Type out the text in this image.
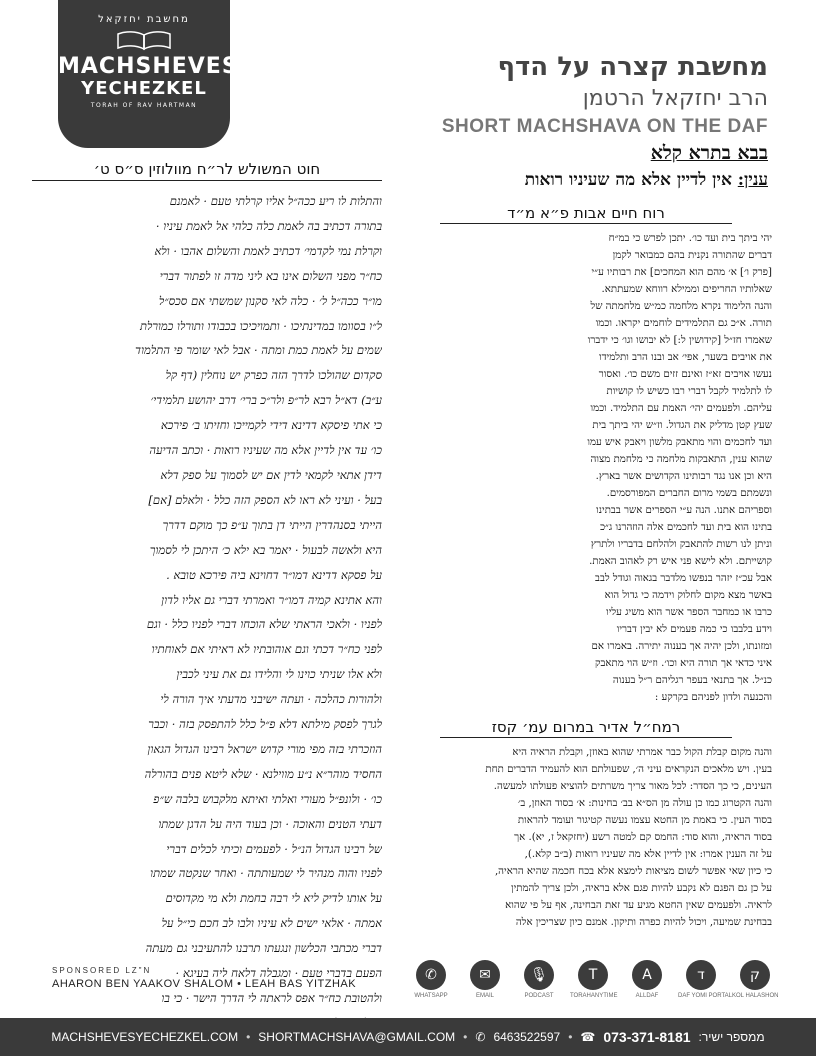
מחשבת יחזקאל
MACHSHEVES
YECHEZKEL
TORAH OF RAV HARTMAN
מחשבת קצרה על הדף
הרב יחזקאל הרטמן
SHORT MACHSHAVA ON THE DAF
בבא בתרא קלא
ענין: אין לדיין אלא מה שעיניו רואות
חוט המשולש לר״ח מוולוזין ס״ס ט׳

והתלות לו ריע ככה״ל אליו קרלתי טעם · לאמנם

בתורה דכתיב בה לאמת כלה כלהי אל לאמת עיניו ·

וקרלת נמי לקדמי׳ דכתיב לאמת והשלום אהבו · ולא

כח״ר מפני השלום אינו בא ליני מדה זו לפתור דברי

מו״ר ככה״ל ל׳ · כלה לאי סקנון שמשתי אם סכס״ל

ל״ו בסוומו במדינתיכו · ותמויכיכו בכבודו ותורלו כמורלת

שמים על לאמת כמת ומתה · אבל לאי שומר פי התלמוד

סקדום שהולכו לדרך הזה כפרק יש נוחלין (דף קל

ע״ב) דא״ל רבא לר״פ ולר״כ ברי׳ דרב יהושע תלמידי׳

כי אתי פיסקא דדינא דידי לקמייכו וחזיתו ב׳ פירכא

כו׳ עד אין לדיין אלא מה שעיניו רואות · וכתב הדיעה

דידן אתאי לקמאי לדין אם יש לסמוך על ספק דלא

בעל · ועיני לא ראו לא הספק הזה כלל · ולאלם [אם]

הייתי בסנהדרין הייתי דן בתוך ע״פ כך מוקם דדרך

היא ולאשה לבעול · יאמר בא ילא כ׳ היתכן לי לסמוך

על פסקא דדינא דמו״ר דחוינא ביה פירכא טובא .

והא אתינא קמיה דמו״ר ואמרתי דברי גם אליו לדון

לפניו · ולאכי הראתי שלא הוכחו דברי לפניו כלל · וגם

לפני כח״ר דכתי וגם אוהובתיו לא ראיתי אם לאוחתיו

ולא אלו שניתי כוינו לי והלידו גם את עיני לכבין

ולהורות כהלכה · ועתה ישיבני מדעתי איך הורה לי

לגרך לפסק מילתא דלא פ״ל כלל להתפסק בזה · וכבר

הוזכרתי בזה מפי מורי קדוש ישראל רבינו הגדול הגאון

החסיד מוהר״א נ״ע מווילנא · שלא ליטא פנים בהורלה

כו׳ · ולונפ״ל מעורי ואלתי ואיתא מלקבוש בלבה ש״פ

דעתי הטנים והאוכה · וכן בעוד היה על הדגן שמתו

של רבינו הגדול הנ״ל · לפעמים וכיתי לכלים דברי

לפניו והוה מנהיר לי שמעותתה · ואחר שנקטה שמתו

על אותו לדיק ליא לי רבה בחמת ולא מי מקדוסים

אמתה · אלאי ישים לא עיניו ולבו לב חכם כי״ל על

דברי מכתבי הכלשון ונגעתו תרבנו להתעיבני גם מעתה

הפעם בדברי טעם · ומגבלה דלאח ליה בעיגא ·

ולהטובת כח״ר אפס לראתה לי הדרך הישר · כי בו

רוח חיים אבות פ״א מ״ד

יהי ביתך בית ועד כו׳. יתכן לפרש כי במ״ח

דברים שהתורה נקנית בהם כמבואר לקמן

[פרק ו׳] א׳ מהם הוא המחכים] את רבותיו ע״י

שאלותיו החריפים וממילא רווחא שמעתתא.

והנה הלימוד נקרא מלחמה כמ״ש מלחמתה של

תורה. א״כ גם התלמידים לוחמים יקראו. וכמו

שאמרו חז״ל [קידושין ל:] לא יבושו וגו׳ כי ידברו

את אויבים בשער, אפי׳ אב ובנו הרב ותלמידו

נעשו אויבים זא״ז ואינם זזים משם כו׳. ואסור

לו לתלמיד לקבל דברי רבו כשיש לו קושיות

עליהם. ולפעמים יהי׳ האמת עם התלמיד. וכמו

שעץ קטן מדליק את הגדול. וז״ש יהי ביתך בית

ועד לחכמים והוי מתאבק מלשון ויאבק איש עמו

שהוא ענין, התאבקות מלחמה כי מלחמת מצוה

היא וכן אנו נגד רבותינו הקדושים אשר בארץ.

ונשמתם בשמי מרום החברים המפורסמים.

וספריהם אתנו. הנה ע״י הספרים אשר בבתינו

בתינו הוא בית ועד לחכמים אלה הוזהרנו ג״כ

וניתן לנו רשות להתאבק ולהלחם בדבריו ולתרץ

קושייתם. ולא לישא פני איש רק לאהוב האמת.

אבל עכ״ז יזהר בנפשו מלדבר בגאוה וגודל לבב

באשר מצא מקום לחלוק וידמה כי גדול הוא

כרבו או כמחבר הספר אשר הוא משיג עליו

וידע בלבבו כי כמה פעמים לא יבין דבריו

ומזונתו, ולכן יהיה אך בענוה יתירה. באמרו אם

איני כדאי אך תורה היא וכו׳. וז״ש הוי מתאבק

כנ״ל. אך בתנאי בעפר רגליהם ר״ל בענוה

והכנעה ולדון לפניהם בקרקע :

רמח״ל אדיר במרום עמ׳ קסז

והנה מקום קבלת הקול כבר אמרתי שהוא באוזן, וקבלת הראיה היא

בעין. ויש מלאכים הנקראים עיני ה׳, שפעולתם הוא להעמיד הדברים תחת

העינים, כי כך הסדר: לכל מאור צריך משרתים להוציא פעולתו למעשה.

והנה הקטרוג כמו כן עולה מן הס״א בב׳ בחינות: א׳ בסוד האוזן, ב׳

בסוד העין. כי באמת מן החטא עצמו נעשה קטיגור ועומד להראות

בסוד הראיה, והוא סוד: החמס קם למטה רשע (יחזקאל ז, יא). אך

על זה הענין אמרו: אין לדיין אלא מה שעיניו רואות (ב״ב קלא.),

כי כיון שאי אפשר לשום מציאות לימצא אלא בכח חכמה שהיא הראיה,

על כן גם הפגם לא נקבע להיות פגם אלא בראיה, ולכן צריך להמתין

לראיה. ולפעמים שאין החטא מגיע עד זאת הבחינה, אף על פי שהוא

בבחינת שמיעה, ויכול להיות כפרה ותיקון. אמנם כיון שצריכין אלה

SPONSORED LZ"N
AHARON BEN YAAKOV SHALOM • LEAH BAS YITZHAK
✆
WHATSAPP
✉
EMAIL
🎙
PODCAST
T
TORAHANYTIME
A
ALLDAF
ד
DAF YOMI PORTAL
ק
KOL HALASHON
MACHSHEVESYECHEZKEL.COM • SHORTMACHSHAVA@GMAIL.COM • ✆ 6463522597 • ☎ 073-371-8181 :ממספר ישיר
